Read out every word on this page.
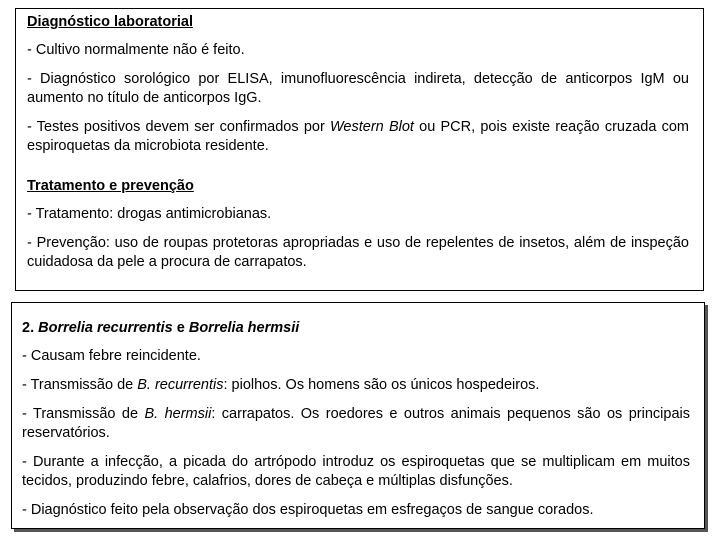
Diagnóstico laboratorial

- Cultivo normalmente não é feito.

- Diagnóstico sorológico por ELISA, imunofluorescência indireta, detecção de anticorpos IgM ou aumento no título de anticorpos IgG.

- Testes positivos devem ser confirmados por Western Blot ou PCR, pois existe reação cruzada com espiroquetas da microbiota residente.

Tratamento e prevenção

- Tratamento: drogas antimicrobianas.

- Prevenção: uso de roupas protetoras apropriadas e uso de repelentes de insetos, além de inspeção cuidadosa da pele a procura de carrapatos.

2. Borrelia recurrentis e Borrelia hermsii

- Causam febre reincidente.

- Transmissão de B. recurrentis: piolhos. Os homens são os únicos hospedeiros.

- Transmissão de B. hermsii: carrapatos. Os roedores e outros animais pequenos são os principais reservatórios.

- Durante a infecção, a picada do artrópodo introduz os espiroquetas que se multiplicam em muitos tecidos, produzindo febre, calafrios, dores de cabeça e múltiplas disfunções.

- Diagnóstico feito pela observação dos espiroquetas em esfregaços de sangue corados.
